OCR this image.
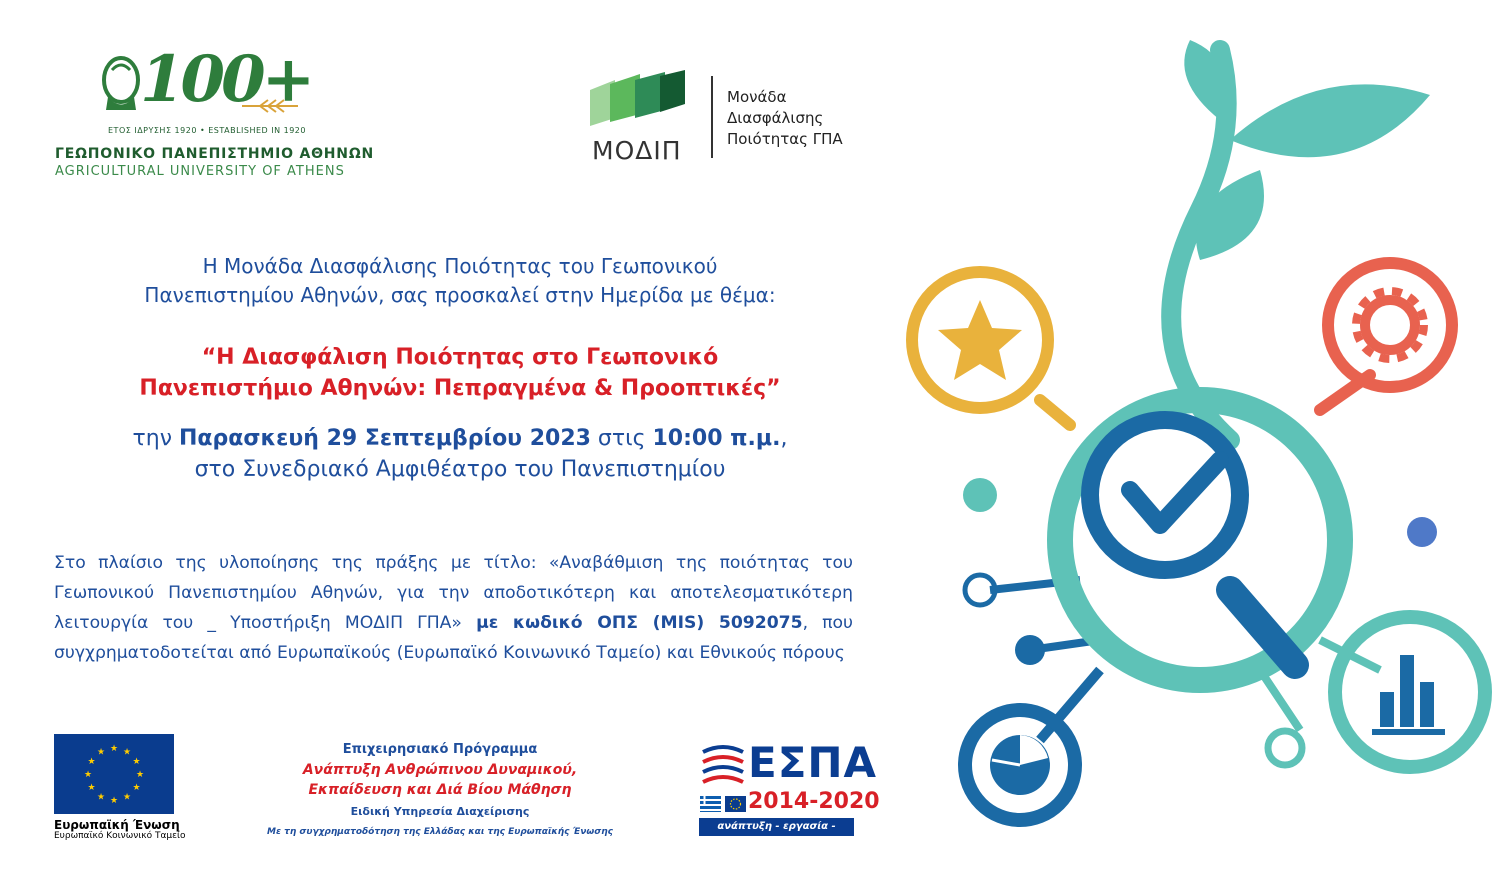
100+
ΕΤΟΣ ΙΔΡΥΣΗΣ 1920 • ESTABLISHED IN 1920
ΓΕΩΠΟΝΙΚΟ ΠΑΝΕΠΙΣΤΗΜΙΟ ΑΘΗΝΩΝ
AGRICULTURAL UNIVERSITY OF ATHENS
ΜΟΔΙΠ
Μονάδα
Διασφάλισης
Ποιότητας ΓΠΑ
Η Μονάδα Διασφάλισης Ποιότητας του Γεωπονικού
Πανεπιστημίου Αθηνών, σας προσκαλεί στην Ημερίδα με θέμα:
“Η Διασφάλιση Ποιότητας στο Γεωπονικό
Πανεπιστήμιο Αθηνών: Πεπραγμένα & Προοπτικές”
την Παρασκευή 29 Σεπτεμβρίου 2023 στις 10:00 π.μ.,
στο Συνεδριακό Αμφιθέατρο του Πανεπιστημίου
Στο πλαίσιο της υλοποίησης της πράξης με τίτλο: «Αναβάθμιση της ποιότητας του Γεωπονικού Πανεπιστημίου Αθηνών, για την αποδοτικότερη και αποτελεσματικότερη λειτουργία του _ Υποστήριξη ΜΟΔΙΠ ΓΠΑ» με κωδικό ΟΠΣ (MIS) 5092075, που συγχρηματοδοτείται από Ευρωπαϊκούς (Ευρωπαϊκό Κοινωνικό Ταμείο) και Εθνικούς πόρους
★
★
★
★
★
★
★
★
★ ★ ★
★
Ευρωπαϊκή Ένωση
Ευρωπαϊκό Κοινωνικό Ταμείο
Επιχειρησιακό Πρόγραμμα
Ανάπτυξη Ανθρώπινου Δυναμικού,
Εκπαίδευση και Διά Βίου Μάθηση
Ειδική Υπηρεσία Διαχείρισης
Με τη συγχρηματοδότηση της Ελλάδας και της Ευρωπαϊκής Ένωσης
ΕΣΠΑ
2014-2020
ανάπτυξη - εργασία - αλληλεγγύη
